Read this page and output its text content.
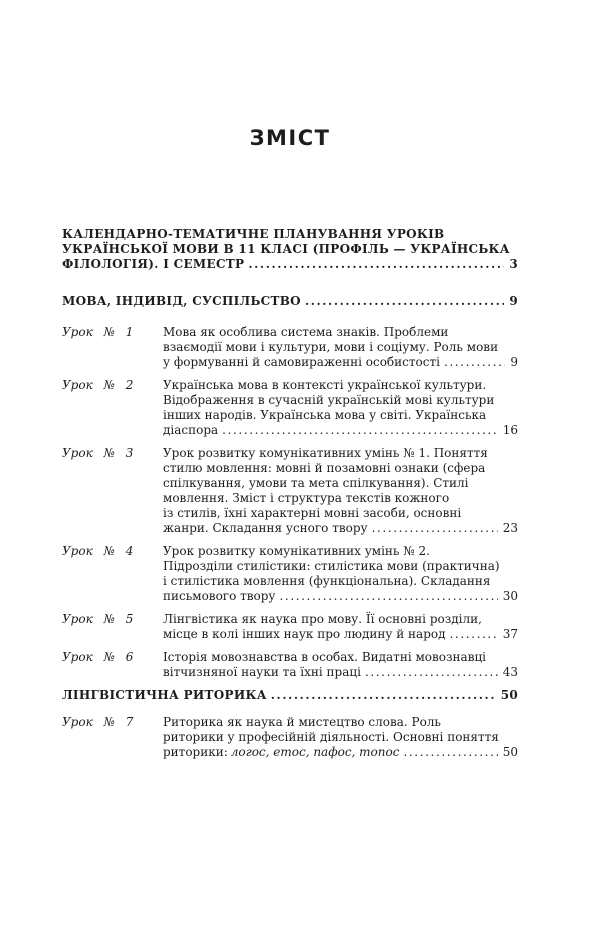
ЗМІСТ
КАЛЕНДАРНО-ТЕМАТИЧНЕ ПЛАНУВАННЯ УРОКІВ
УКРАЇНСЬКОЇ МОВИ В 11 КЛАСІ (ПРОФІЛЬ — УКРАЇНСЬКА
ФІЛОЛОГІЯ). І СЕМЕСТР .....	3
МОВА, ІНДИВІД, СУСПІЛЬСТВО .....	9
Урок № 1	Мова як особлива система знаків. Проблеми
взаємодії мови і культури, мови і соціуму. Роль мови
у формуванні й самовираженні особистості .....	9
Урок № 2	Українська мова в контексті української культури.
Відображення в сучасній українській мові культури
інших народів. Українська мова у світі. Українська
діаспора .....	16
Урок № 3	Урок розвитку комунікативних умінь № 1. Поняття
стилю мовлення: мовні й позамовні ознаки (сфера
спілкування, умови та мета спілкування). Стилі
мовлення. Зміст і структура текстів кожного
із стилів, їхні характерні мовні засоби, основні
жанри. Складання усного твору .....	23
Урок № 4	Урок розвитку комунікативних умінь № 2.
Підрозділи стилістики: стилістика мови (практична)
і стилістика мовлення (функціональна). Складання
письмового твору .....	30
Урок № 5	Лінгвістика як наука про мову. Її основні розділи,
місце в колі інших наук про людину й народ .....	37
Урок № 6	Історія мовознавства в особах. Видатні мовознавці
вітчизняної науки та їхні праці .....	43
ЛІНГВІСТИЧНА РИТОРИКА .....	50
Урок № 7	Риторика як наука й мистецтво слова. Роль
риторики у професійній діяльності. Основні поняття
риторики: логос, етос, пафос, топос .....	50
